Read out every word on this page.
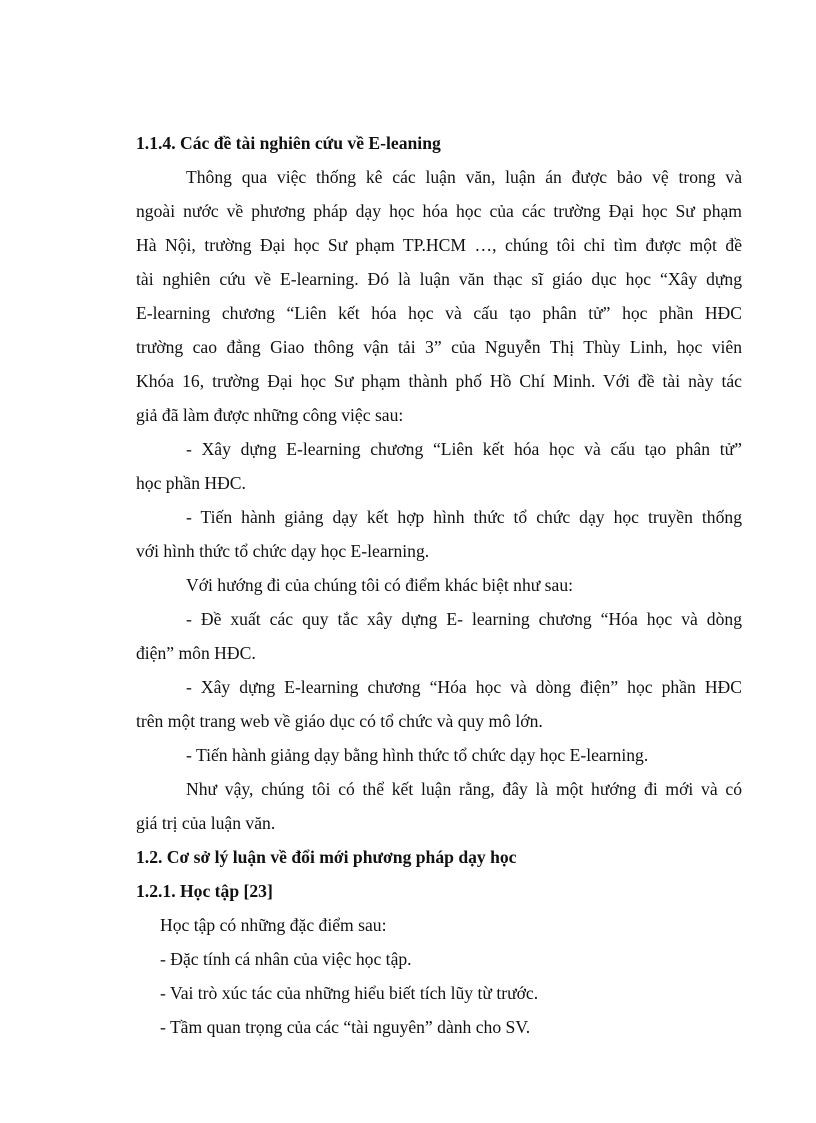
1.1.4. Các đề tài nghiên cứu về E-leaning
Thông qua việc thống kê các luận văn, luận án được bảo vệ trong và
ngoài nước về phương pháp dạy học hóa học của các trường Đại học Sư phạm
Hà Nội, trường Đại học Sư phạm TP.HCM …, chúng tôi chỉ tìm được một đề
tài nghiên cứu về E-learning. Đó là luận văn thạc sĩ giáo dục học “Xây dựng
E-learning chương “Liên kết hóa học và cấu tạo phân tử” học phần HĐC
trường cao đẳng Giao thông vận tải 3” của Nguyễn Thị Thùy Linh, học viên
Khóa 16, trường Đại học Sư phạm thành phố Hồ Chí Minh. Với đề tài này tác
giả đã làm được những công việc sau:
- Xây dựng E-learning chương “Liên kết hóa học và cấu tạo phân tử”
học phần HĐC.
- Tiến hành giảng dạy kết hợp hình thức tổ chức dạy học truyền thống
với hình thức tổ chức dạy học E-learning.
Với hướng đi của chúng tôi có điểm khác biệt như sau:
- Đề xuất các quy tắc xây dựng E- learning chương “Hóa học và dòng
điện” môn HĐC.
- Xây dựng E-learning chương “Hóa học và dòng điện” học phần HĐC
trên một trang web về giáo dục có tổ chức và quy mô lớn.
- Tiến hành giảng dạy bằng hình thức tổ chức dạy học E-learning.
Như vậy, chúng tôi có thể kết luận rằng, đây là một hướng đi mới và có
giá trị của luận văn.
1.2. Cơ sở lý luận về đổi mới phương pháp dạy học
1.2.1. Học tập [23]
Học tập có những đặc điểm sau:
- Đặc tính cá nhân của việc học tập.
- Vai trò xúc tác của những hiểu biết tích lũy từ trước.
- Tầm quan trọng của các “tài nguyên” dành cho SV.
